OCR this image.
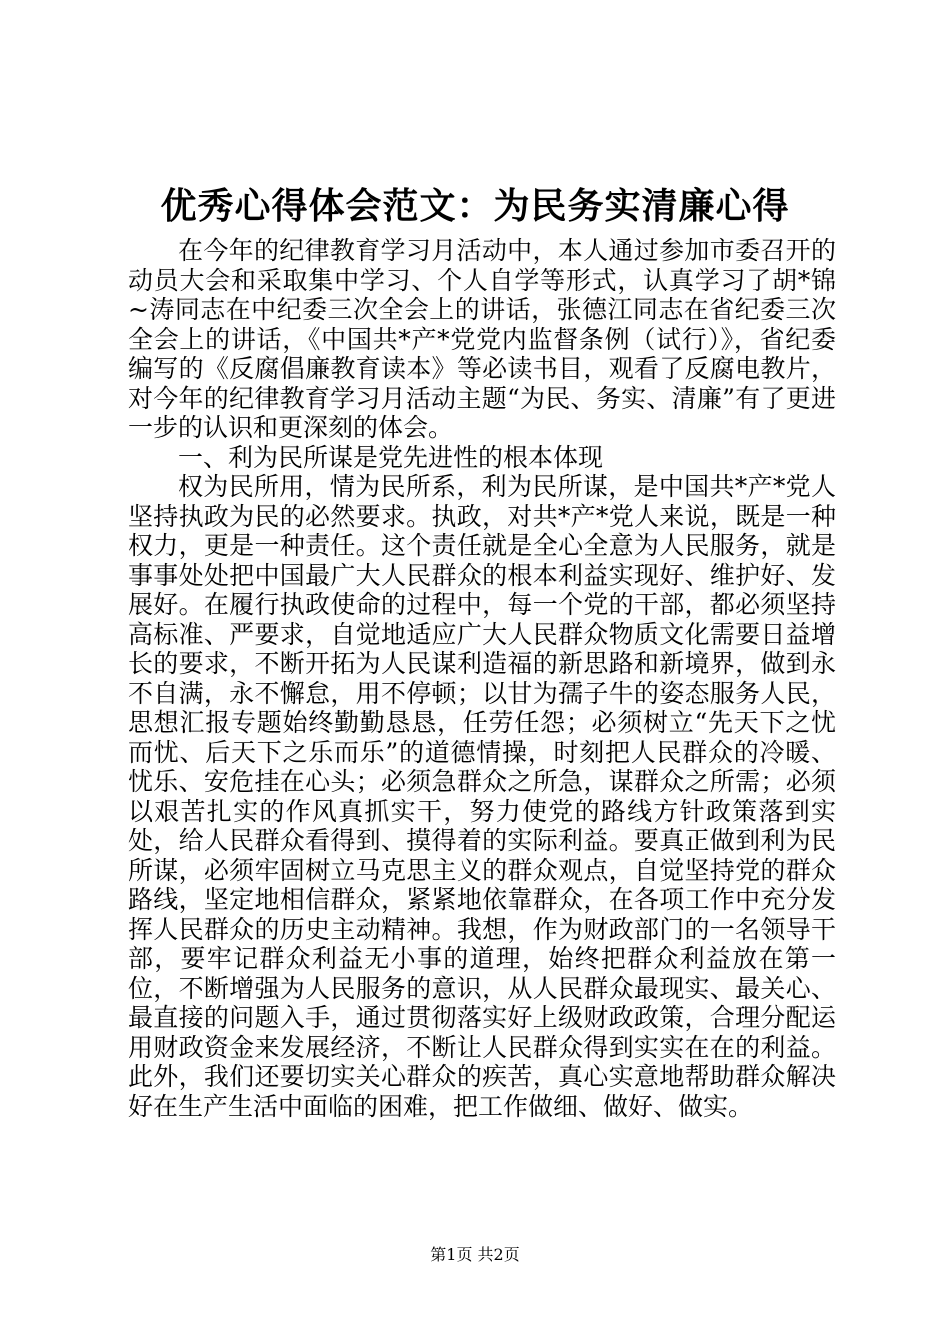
优秀心得体会范文：为民务实清廉心得

在今年的纪律教育学习月活动中，本人通过参加市委召开的动员大会和采取集中学习、个人自学等形式，认真学习了胡*锦~涛同志在中纪委三次全会上的讲话，张德江同志在省纪委三次全会上的讲话，《中国共*产*党党内监督条例（试行）》，省纪委编写的《反腐倡廉教育读本》等必读书目，观看了反腐电教片，对今年的纪律教育学习月活动主题“为民、务实、清廉”有了更进一步的认识和更深刻的体会。

一、利为民所谋是党先进性的根本体现

权为民所用，情为民所系，利为民所谋，是中国共*产*党人坚持执政为民的必然要求。执政，对共*产*党人来说，既是一种权力，更是一种责任。这个责任就是全心全意为人民服务，就是事事处处把中国最广大人民群众的根本利益实现好、维护好、发展好。在履行执政使命的过程中，每一个党的干部，都必须坚持高标准、严要求，自觉地适应广大人民群众物质文化需要日益增长的要求，不断开拓为人民谋利造福的新思路和新境界，做到永不自满，永不懈怠，用不停顿；以甘为孺子牛的姿态服务人民，思想汇报专题始终勤勤恳恳，任劳任怨；必须树立“先天下之忧而忧、后天下之乐而乐”的道德情操，时刻把人民群众的冷暖、忧乐、安危挂在心头；必须急群众之所急，谋群众之所需；必须以艰苦扎实的作风真抓实干，努力使党的路线方针政策落到实处，给人民群众看得到、摸得着的实际利益。要真正做到利为民所谋，必须牢固树立马克思主义的群众观点，自觉坚持党的群众路线，坚定地相信群众，紧紧地依靠群众，在各项工作中充分发挥人民群众的历史主动精神。我想，作为财政部门的一名领导干部，要牢记群众利益无小事的道理，始终把群众利益放在第一位，不断增强为人民服务的意识，从人民群众最现实、最关心、最直接的问题入手，通过贯彻落实好上级财政政策，合理分配运用财政资金来发展经济，不断让人民群众得到实实在在的利益。此外，我们还要切实关心群众的疾苦，真心实意地帮助群众解决好在生产生活中面临的困难，把工作做细、做好、做实。

第1页 共2页
